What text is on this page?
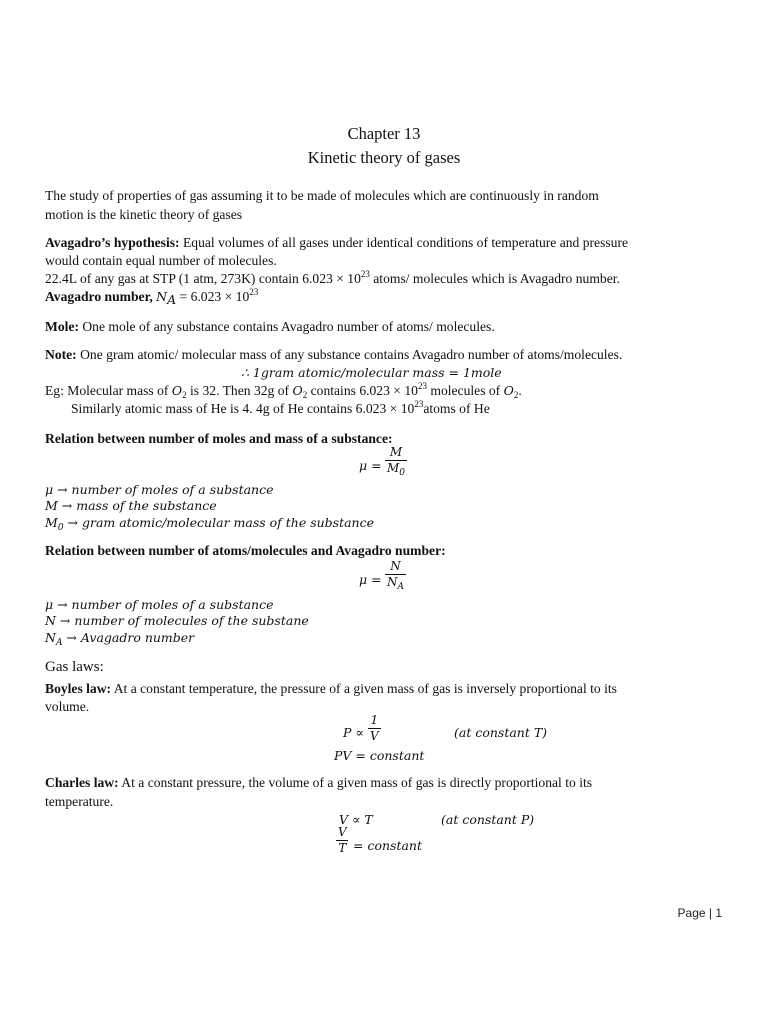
Chapter 13
Kinetic theory of gases
The study of properties of gas assuming it to be made of molecules which are continuously in random
motion is the kinetic theory of gases
Avagadro’s hypothesis: Equal volumes of all gases under identical conditions of temperature and pressure
would contain equal number of molecules.
22.4L of any gas at STP (1 atm, 273K) contain $6.023 \times 10^{23}$ atoms/ molecules which is Avagadro number.
Avagadro number, $N_A = 6.023 \times 10^{23}$
Mole: One mole of any substance contains Avagadro number of atoms/ molecules.
Note: One gram atomic/ molecular mass of any substance contains Avagadro number of atoms/molecules.
∴ 1gram atomic/molecular mass = 1mole
Eg: Molecular mass of $O_2$ is 32. Then 32g of $O_2$ contains $6.023 \times 10^{23}$ molecules of $O_2$.
Similarly atomic mass of He is 4. 4g of He contains $6.023 \times 10^{23}atoms$ of He
Relation between number of moles and mass of a substance:
$\mu = \frac{M}{M_0}$
μ → number of moles of a substance
M → mass of the substance
$M_0$ → gram atomic/molecular mass of the substance
Relation between number of atoms/molecules and Avagadro number:
$\mu = \frac{N}{N_A}$
μ → number of moles of a substance
N → number of molecules of the substane
$N_A$ → Avagadro number
Gas laws:
Boyles law: At a constant temperature, the pressure of a given mass of gas is inversely proportional to its
volume.
$P \propto \frac{1}{V}$	(at constant T)
PV = constant
Charles law: At a constant pressure, the volume of a given mass of gas is directly proportional to its
temperature.
V ∝ T	(at constant P)
$\frac{V}{T}$ = constant
Page | 1
